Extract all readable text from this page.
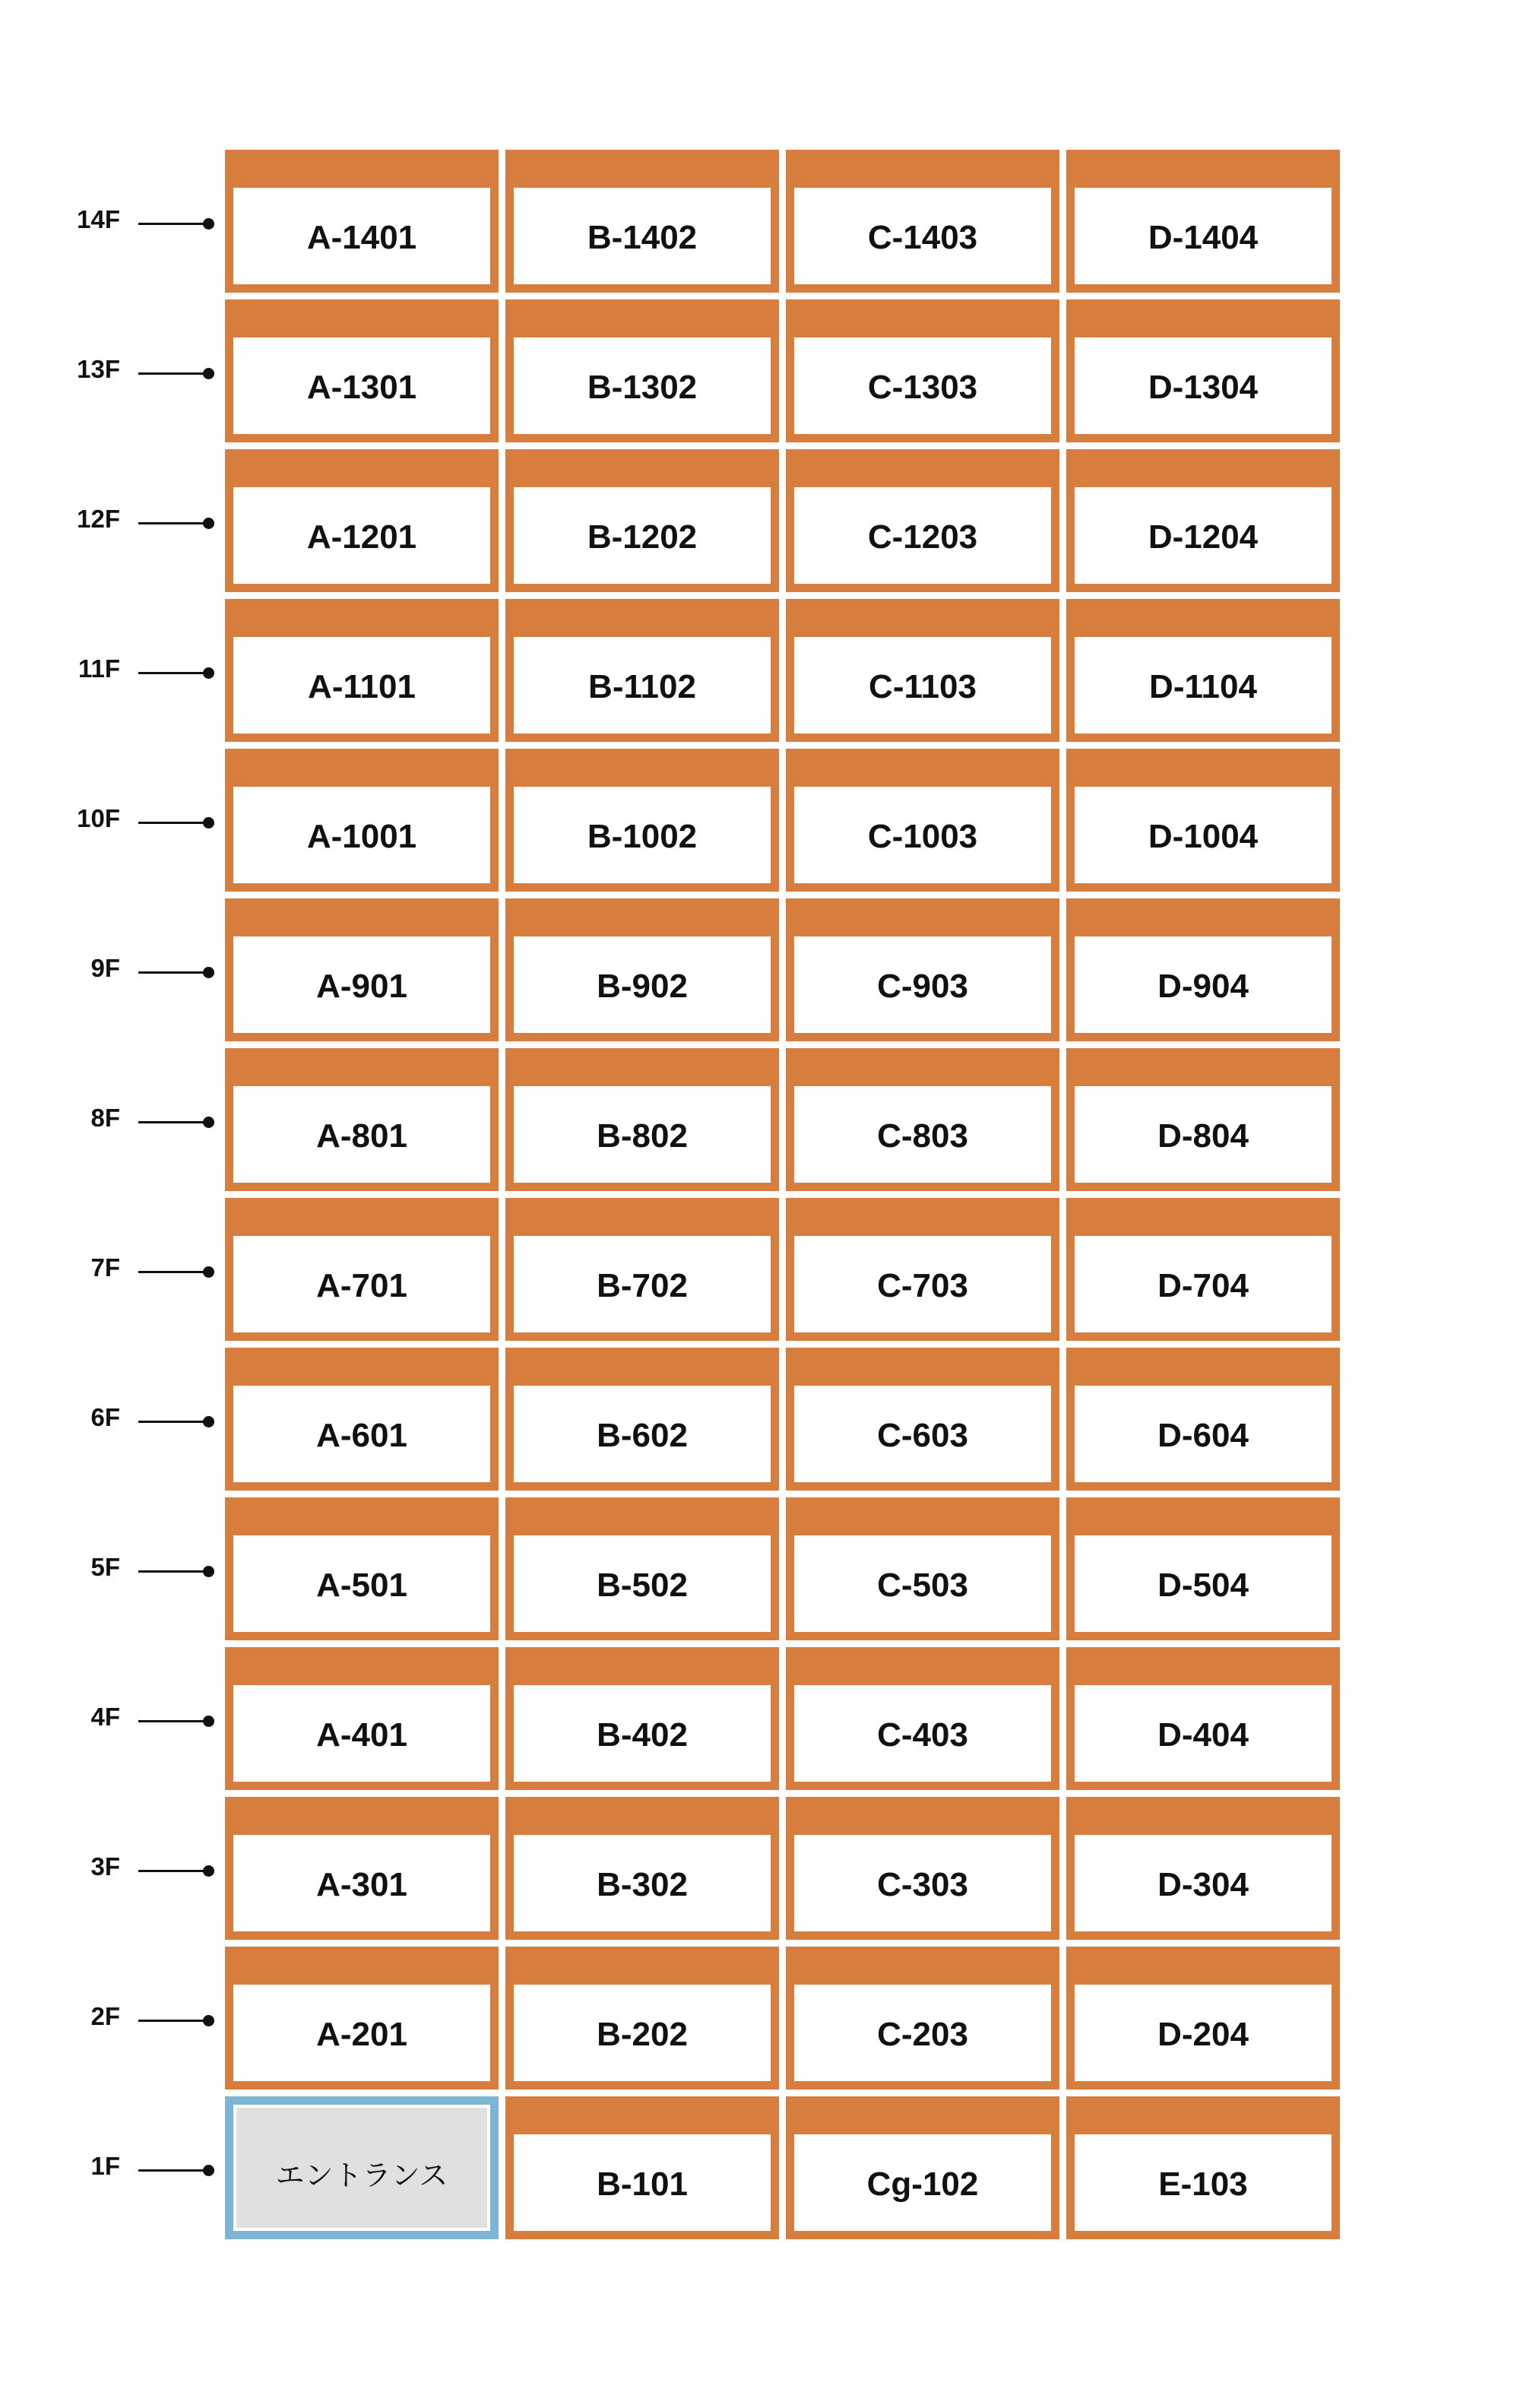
14F	A-1401	B-1402	C-1403	D-1404
13F	A-1301	B-1302	C-1303	D-1304
12F	A-1201	B-1202	C-1203	D-1204
11F	A-1101	B-1102	C-1103	D-1104
10F	A-1001	B-1002	C-1003	D-1004
9F	A-901	B-902	C-903	D-904
8F	A-801	B-802	C-803	D-804
7F	A-701	B-702	C-703	D-704
6F	A-601	B-602	C-603	D-604
5F	A-501	B-502	C-503	D-504
4F	A-401	B-402	C-403	D-404
3F	A-301	B-302	C-303	D-304
2F	A-201	B-202	C-203	D-204
1F	エントランス	B-101	Cg-102	E-103
